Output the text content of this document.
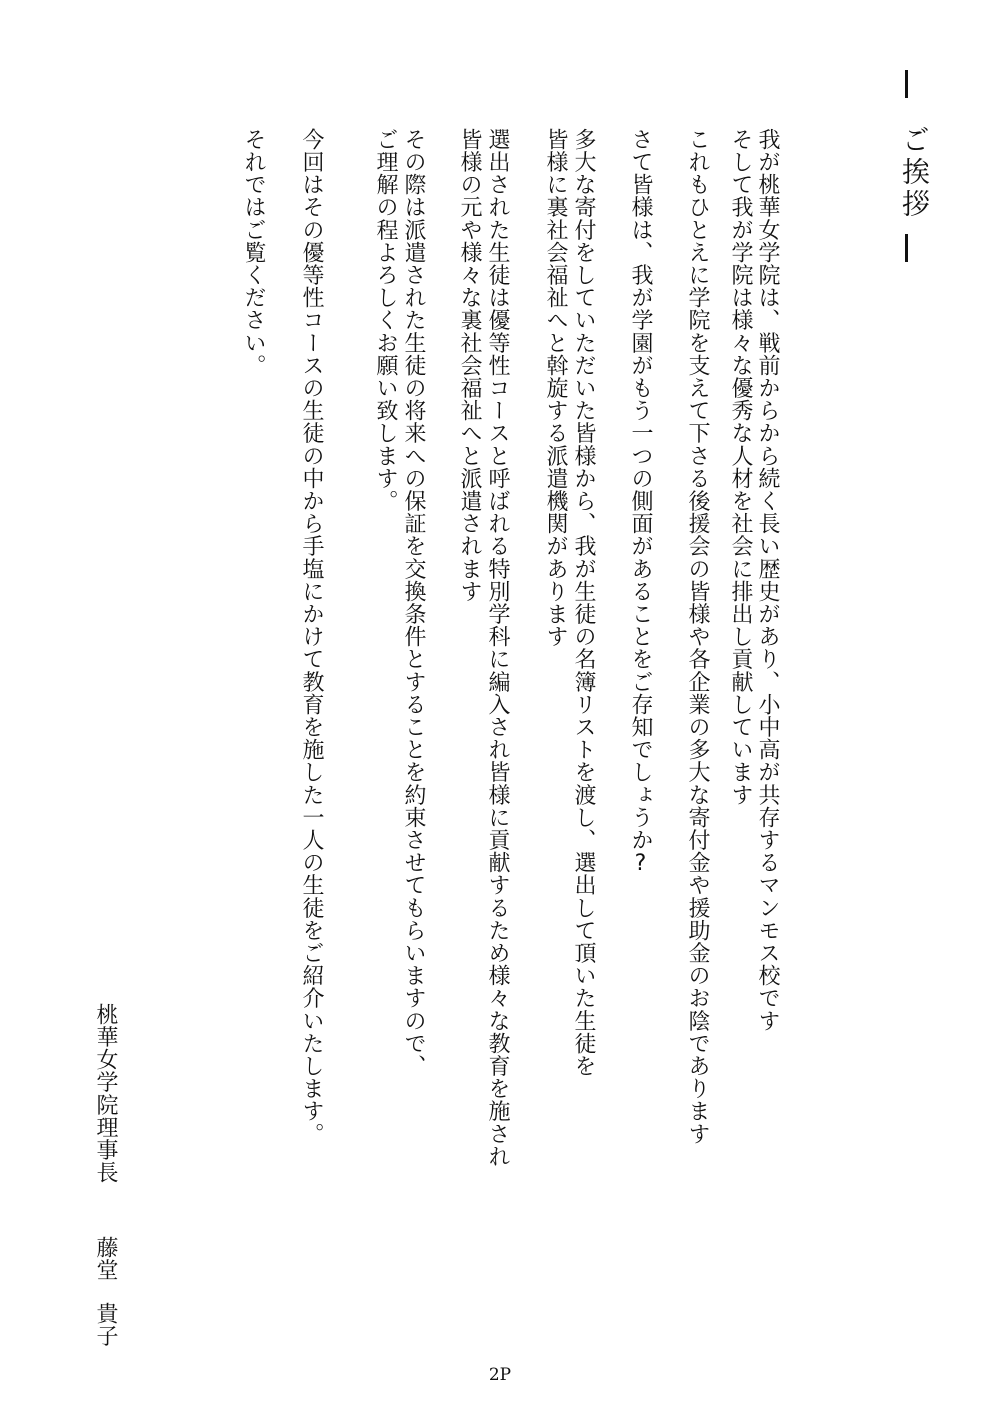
ご挨拶

我が桃華女学院は、戦前からから続く長い歴史があり、小中高が共存するマンモス校です

そして我が学院は様々な優秀な人材を社会に排出し貢献しています

これもひとえに学院を支えて下さる後援会の皆様や各企業の多大な寄付金や援助金のお陰であります

さて皆様は、我が学園がもう一つの側面があることをご存知でしょうか?

多大な寄付をしていただいた皆様から、我が生徒の名簿リストを渡し、選出して頂いた生徒を

皆様に裏社会福祉へと斡旋する派遣機関があります

選出された生徒は優等性コースと呼ばれる特別学科に編入され皆様に貢献するため様々な教育を施され

皆様の元や様々な裏社会福祉へと派遣されます

その際は派遣された生徒の将来への保証を交換条件とすることを約束させてもらいますので、

ご理解の程よろしくお願い致します。

今回はその優等性コースの生徒の中から手塩にかけて教育を施した一人の生徒をご紹介いたします。

それではご覧ください。

桃華女学院理事長
藤堂
貴子
2P
